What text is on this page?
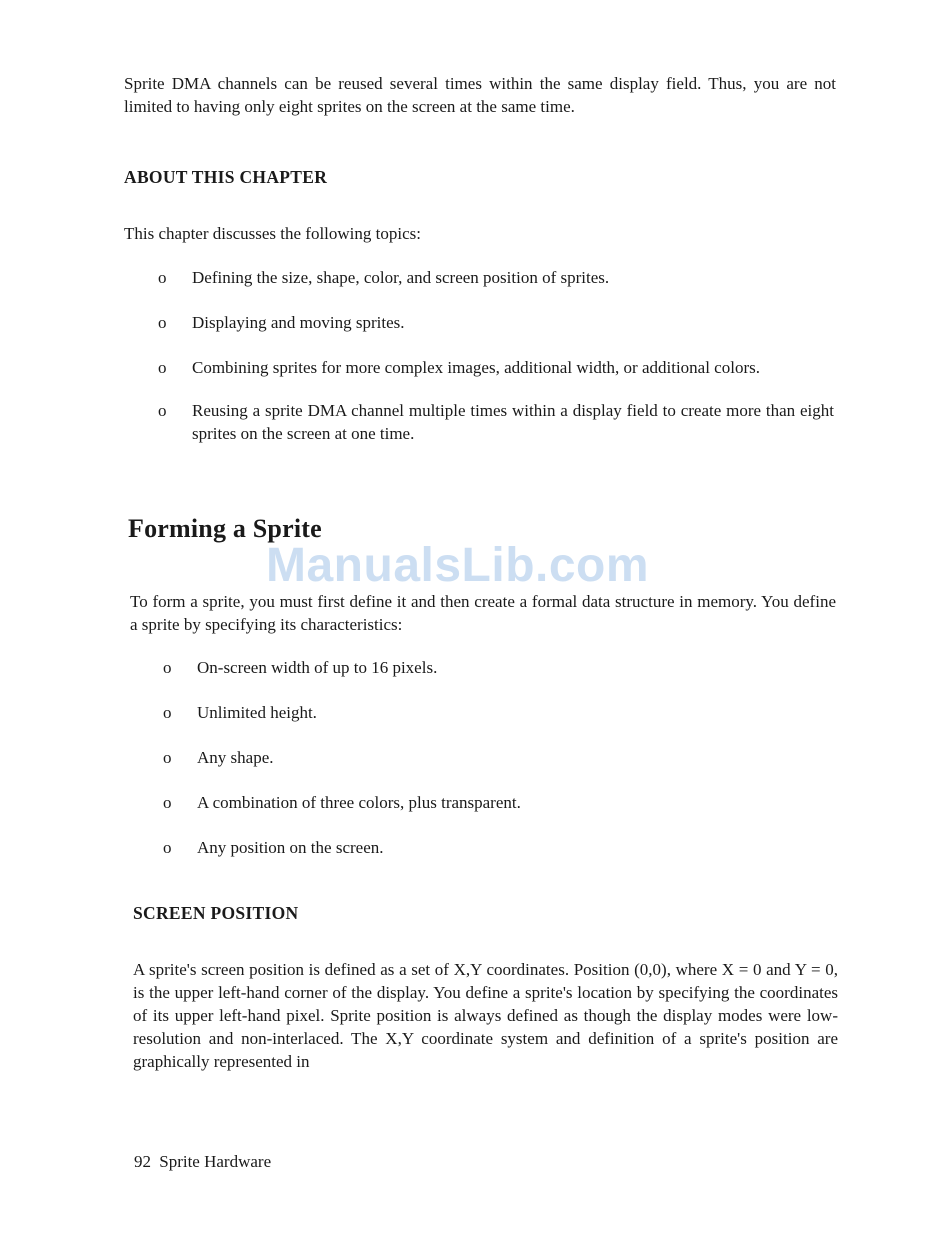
Sprite DMA channels can be reused several times within the same display field. Thus, you are not limited to having only eight sprites on the screen at the same time.

ABOUT THIS CHAPTER

This chapter discusses the following topics:

o Defining the size, shape, color, and screen position of sprites.
o Displaying and moving sprites.
o Combining sprites for more complex images, additional width, or additional colors.
o Reusing a sprite DMA channel multiple times within a display field to create more than eight sprites on the screen at one time.
Forming a Sprite
ManualsLib.com

To form a sprite, you must first define it and then create a formal data structure in memory. You define a sprite by specifying its characteristics:

o On-screen width of up to 16 pixels.
o Unlimited height.
o Any shape.
o A combination of three colors, plus transparent.
o Any position on the screen.
SCREEN POSITION

A sprite's screen position is defined as a set of X,Y coordinates. Position (0,0), where X = 0 and Y = 0, is the upper left-hand corner of the display. You define a sprite's location by specifying the coordinates of its upper left-hand pixel. Sprite position is always defined as though the display modes were low-resolution and non-interlaced. The X,Y coordinate system and definition of a sprite's position are graphically represented in

92 Sprite Hardware
